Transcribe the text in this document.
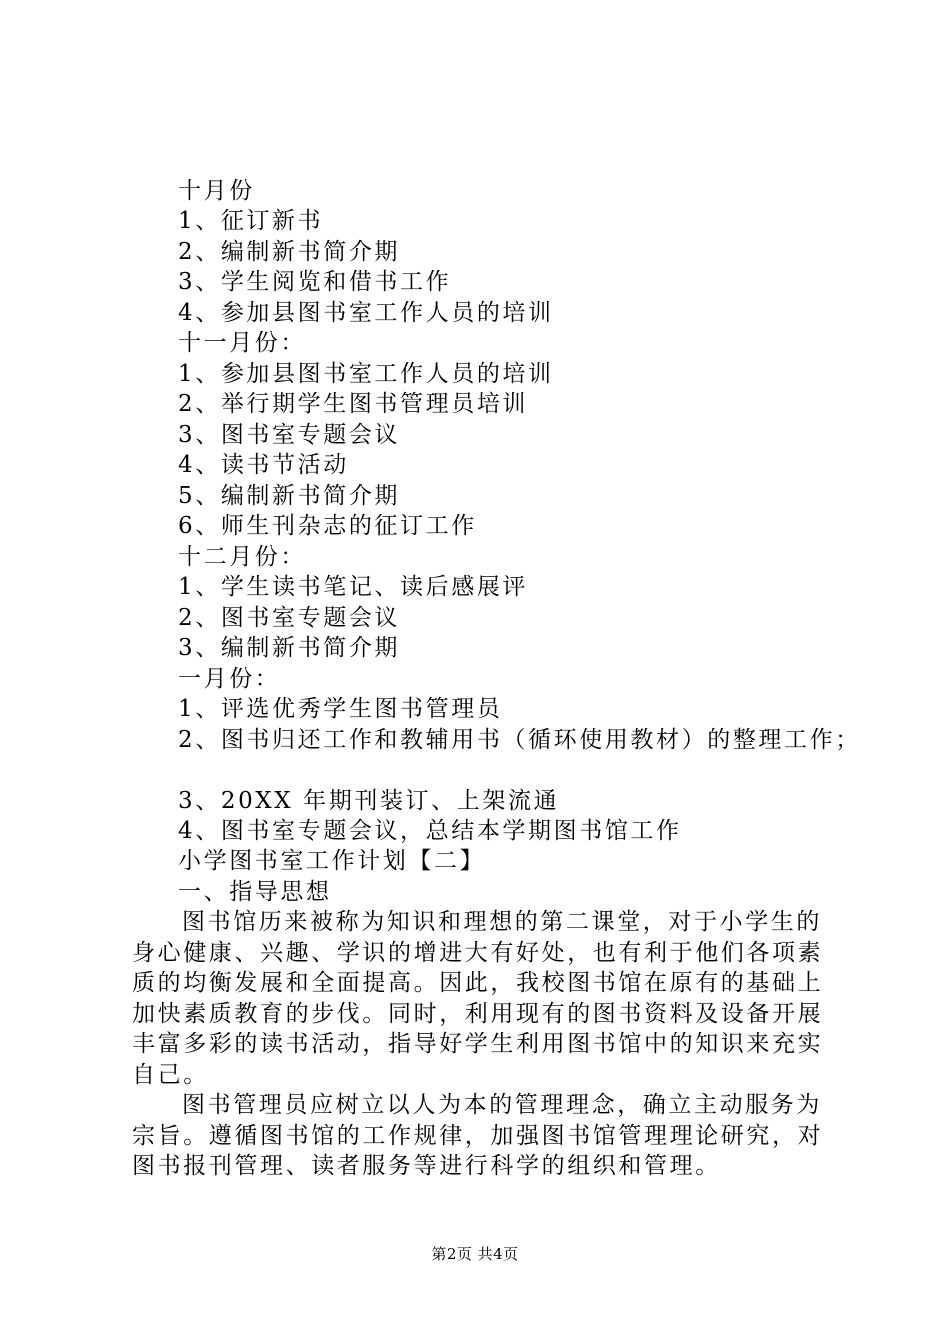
十月份
1、征订新书
2、编制新书简介期
3、学生阅览和借书工作
4、参加县图书室工作人员的培训
十一月份：
1、参加县图书室工作人员的培训
2、举行期学生图书管理员培训
3、图书室专题会议
4、读书节活动
5、编制新书简介期
6、师生刊杂志的征订工作
十二月份：
1、学生读书笔记、读后感展评
2、图书室专题会议
3、编制新书简介期
一月份：
1、评选优秀学生图书管理员
2、图书归还工作和教辅用书（循环使用教材）的整理工作；
3、20XX 年期刊装订、上架流通
4、图书室专题会议，总结本学期图书馆工作
小学图书室工作计划【二】
一、指导思想
图书馆历来被称为知识和理想的第二课堂，对于小学生的
身心健康、兴趣、学识的增进大有好处，也有利于他们各项素
质的均衡发展和全面提高。因此，我校图书馆在原有的基础上
加快素质教育的步伐。同时，利用现有的图书资料及设备开展
丰富多彩的读书活动，指导好学生利用图书馆中的知识来充实
自己。
图书管理员应树立以人为本的管理理念，确立主动服务为
宗旨。遵循图书馆的工作规律，加强图书馆管理理论研究，对
图书报刊管理、读者服务等进行科学的组织和管理。
第2页 共4页
